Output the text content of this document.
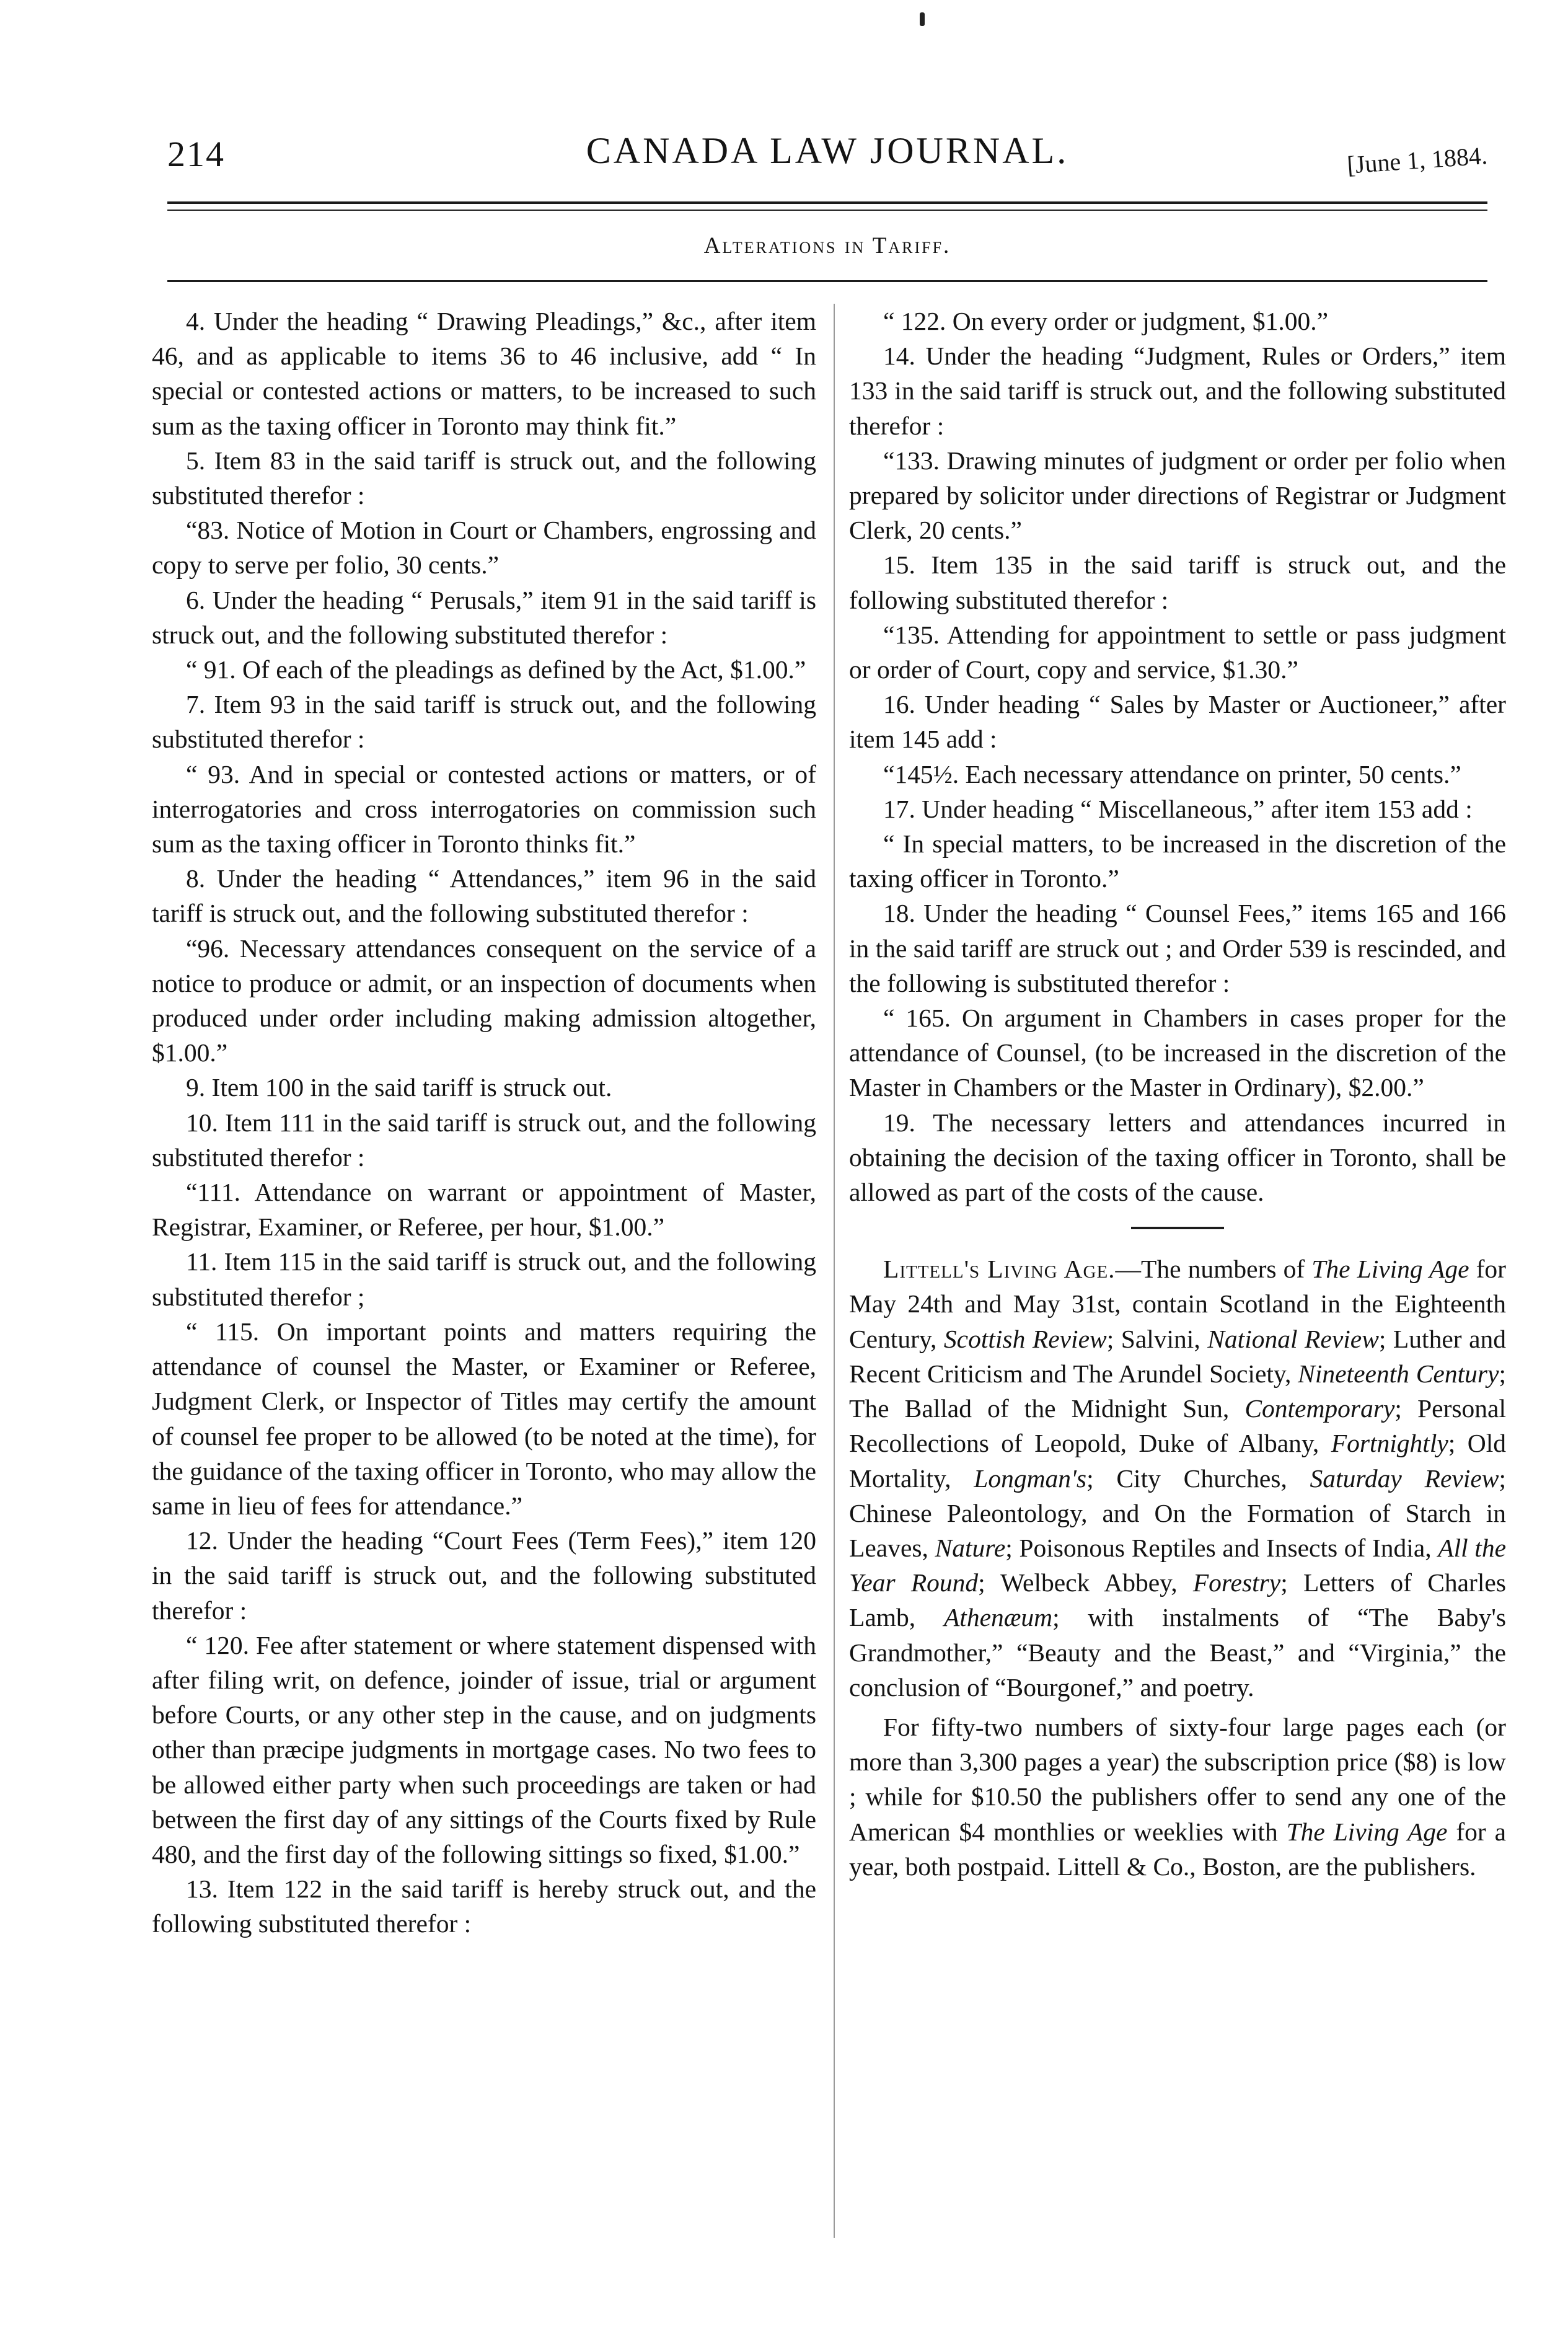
214	CANADA LAW JOURNAL.	[June 1, 1884.
Alterations in Tariff.

4. Under the heading “ Drawing Pleadings,” &c., after item 46, and as applicable to items 36 to 46 inclusive, add “ In special or contested actions or matters, to be increased to such sum as the taxing officer in Toronto may think fit.”

5. Item 83 in the said tariff is struck out, and the following substituted therefor :

“83. Notice of Motion in Court or Chambers, engrossing and copy to serve per folio, 30 cents.”

6. Under the heading “ Perusals,” item 91 in the said tariff is struck out, and the following substituted therefor :

“ 91. Of each of the pleadings as defined by the Act, $1.00.”

7. Item 93 in the said tariff is struck out, and the following substituted therefor :

“ 93. And in special or contested actions or matters, or of interrogatories and cross interrogatories on commission such sum as the taxing officer in Toronto thinks fit.”

8. Under the heading “ Attendances,” item 96 in the said tariff is struck out, and the following substituted therefor :

“96. Necessary attendances consequent on the service of a notice to produce or admit, or an inspection of documents when produced under order including making admission altogether, $1.00.”

9. Item 100 in the said tariff is struck out.

10. Item 111 in the said tariff is struck out, and the following substituted therefor :

“111. Attendance on warrant or appointment of Master, Registrar, Examiner, or Referee, per hour, $1.00.”

11. Item 115 in the said tariff is struck out, and the following substituted therefor ;

“ 115. On important points and matters requiring the attendance of counsel the Master, or Examiner or Referee, Judgment Clerk, or Inspector of Titles may certify the amount of counsel fee proper to be allowed (to be noted at the time), for the guidance of the taxing officer in Toronto, who may allow the same in lieu of fees for attendance.”

12. Under the heading “Court Fees (Term Fees),” item 120 in the said tariff is struck out, and the following substituted therefor :

“ 120. Fee after statement or where statement dispensed with after filing writ, on defence, joinder of issue, trial or argument before Courts, or any other step in the cause, and on judgments other than præcipe judgments in mortgage cases. No two fees to be allowed either party when such proceedings are taken or had between the first day of any sittings of the Courts fixed by Rule 480, and the first day of the following sittings so fixed, $1.00.”

13. Item 122 in the said tariff is hereby struck out, and the following substituted therefor :

“ 122. On every order or judgment, $1.00.”

14. Under the heading “Judgment, Rules or Orders,” item 133 in the said tariff is struck out, and the following substituted therefor :

“133. Drawing minutes of judgment or order per folio when prepared by solicitor under directions of Registrar or Judgment Clerk, 20 cents.”

15. Item 135 in the said tariff is struck out, and the following substituted therefor :

“135. Attending for appointment to settle or pass judgment or order of Court, copy and service, $1.30.”

16. Under heading “ Sales by Master or Auctioneer,” after item 145 add :

“145½. Each necessary attendance on printer, 50 cents.”

17. Under heading “ Miscellaneous,” after item 153 add :

“ In special matters, to be increased in the discretion of the taxing officer in Toronto.”

18. Under the heading “ Counsel Fees,” items 165 and 166 in the said tariff are struck out ; and Order 539 is rescinded, and the following is substituted therefor :

“ 165. On argument in Chambers in cases proper for the attendance of Counsel, (to be increased in the discretion of the Master in Chambers or the Master in Ordinary), $2.00.”

19. The necessary letters and attendances incurred in obtaining the decision of the taxing officer in Toronto, shall be allowed as part of the costs of the cause.

Littell's Living Age.—The numbers of The Living Age for May 24th and May 31st, contain Scotland in the Eighteenth Century, Scottish Review; Salvini, National Review; Luther and Recent Criticism and The Arundel Society, Nineteenth Century; The Ballad of the Midnight Sun, Contemporary; Personal Recollections of Leopold, Duke of Albany, Fortnightly; Old Mortality, Longman's; City Churches, Saturday Review; Chinese Paleontology, and On the Formation of Starch in Leaves, Nature; Poisonous Reptiles and Insects of India, All the Year Round; Welbeck Abbey, Forestry; Letters of Charles Lamb, Athenæum; with instalments of “The Baby's Grandmother,” “Beauty and the Beast,” and “Virginia,” the conclusion of “Bourgonef,” and poetry.

For fifty-two numbers of sixty-four large pages each (or more than 3,300 pages a year) the subscription price ($8) is low ; while for $10.50 the publishers offer to send any one of the American $4 monthlies or weeklies with The Living Age for a year, both postpaid. Littell & Co., Boston, are the publishers.
